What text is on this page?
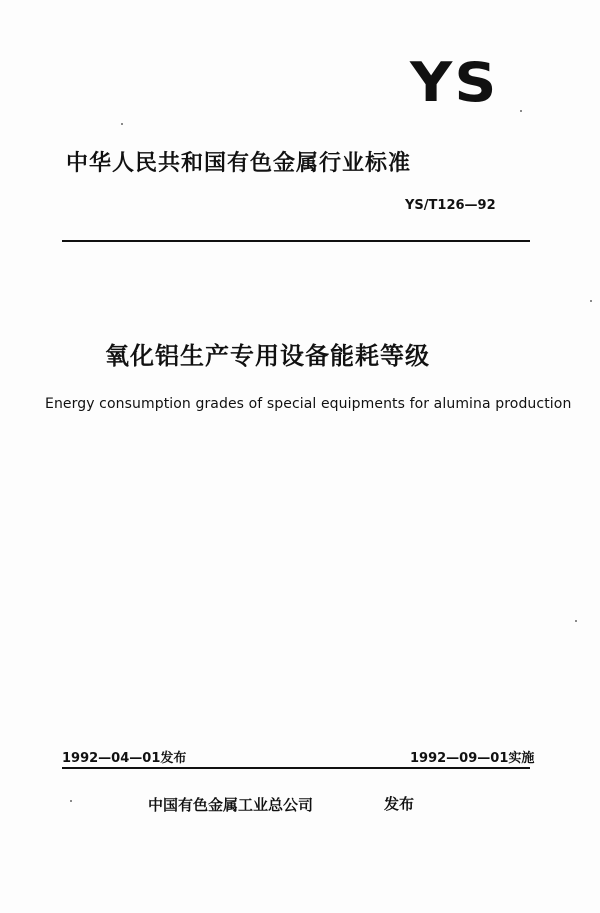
YS
中华人民共和国有色金属行业标准
YS/T126—92
氧化铝生产专用设备能耗等级
Energy consumption grades of special equipments for alumina production
1992—04—01发布	1992—09—01实施
中国有色金属工业总公司	发布
